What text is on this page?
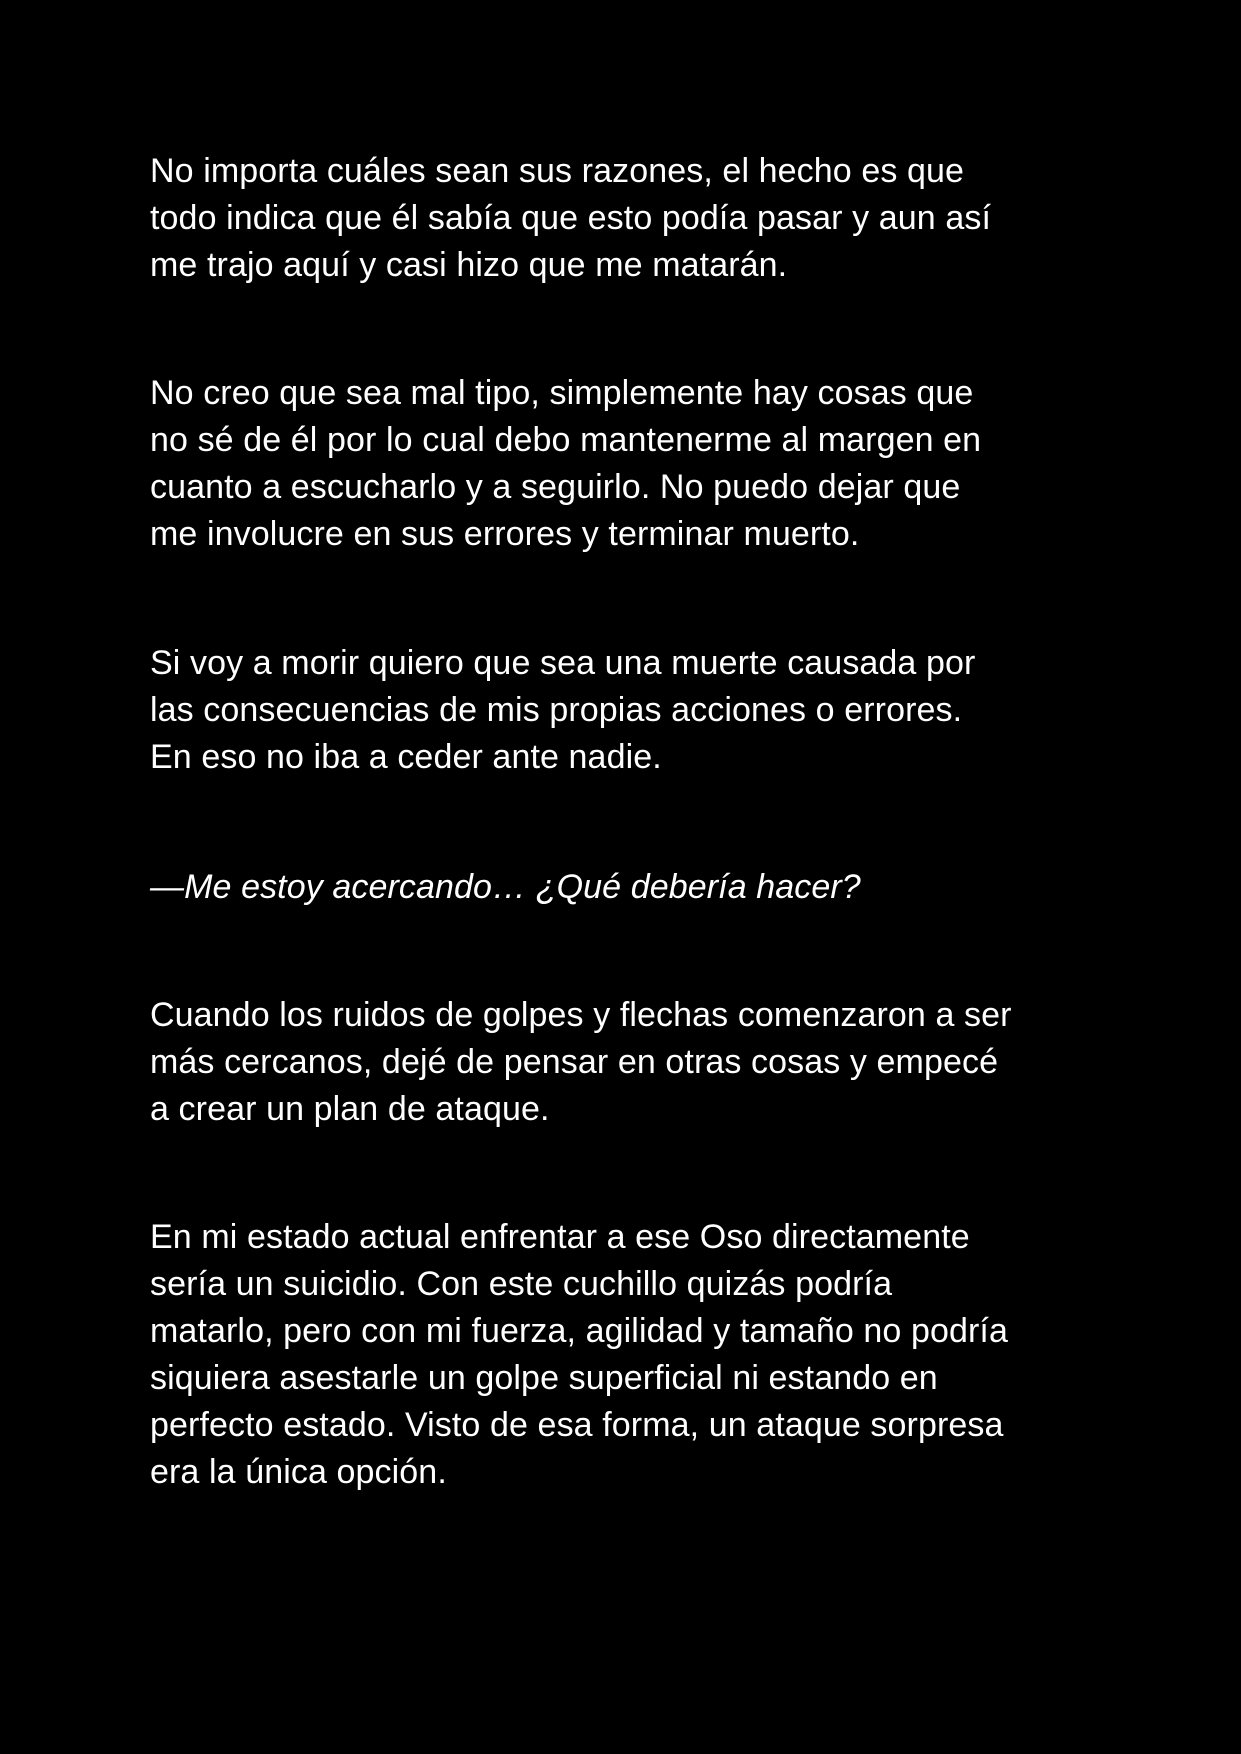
No importa cuáles sean sus razones, el hecho es que
todo indica que él sabía que esto podía pasar y aun así
me trajo aquí y casi hizo que me matarán.

No creo que sea mal tipo, simplemente hay cosas que
no sé de él por lo cual debo mantenerme al margen en
cuanto a escucharlo y a seguirlo. No puedo dejar que
me involucre en sus errores y terminar muerto.

Si voy a morir quiero que sea una muerte causada por
las consecuencias de mis propias acciones o errores.
En eso no iba a ceder ante nadie.

—Me estoy acercando… ¿Qué debería hacer?

Cuando los ruidos de golpes y flechas comenzaron a ser
más cercanos, dejé de pensar en otras cosas y empecé
a crear un plan de ataque.

En mi estado actual enfrentar a ese Oso directamente
sería un suicidio. Con este cuchillo quizás podría
matarlo, pero con mi fuerza, agilidad y tamaño no podría
siquiera asestarle un golpe superficial ni estando en
perfecto estado. Visto de esa forma, un ataque sorpresa
era la única opción.
